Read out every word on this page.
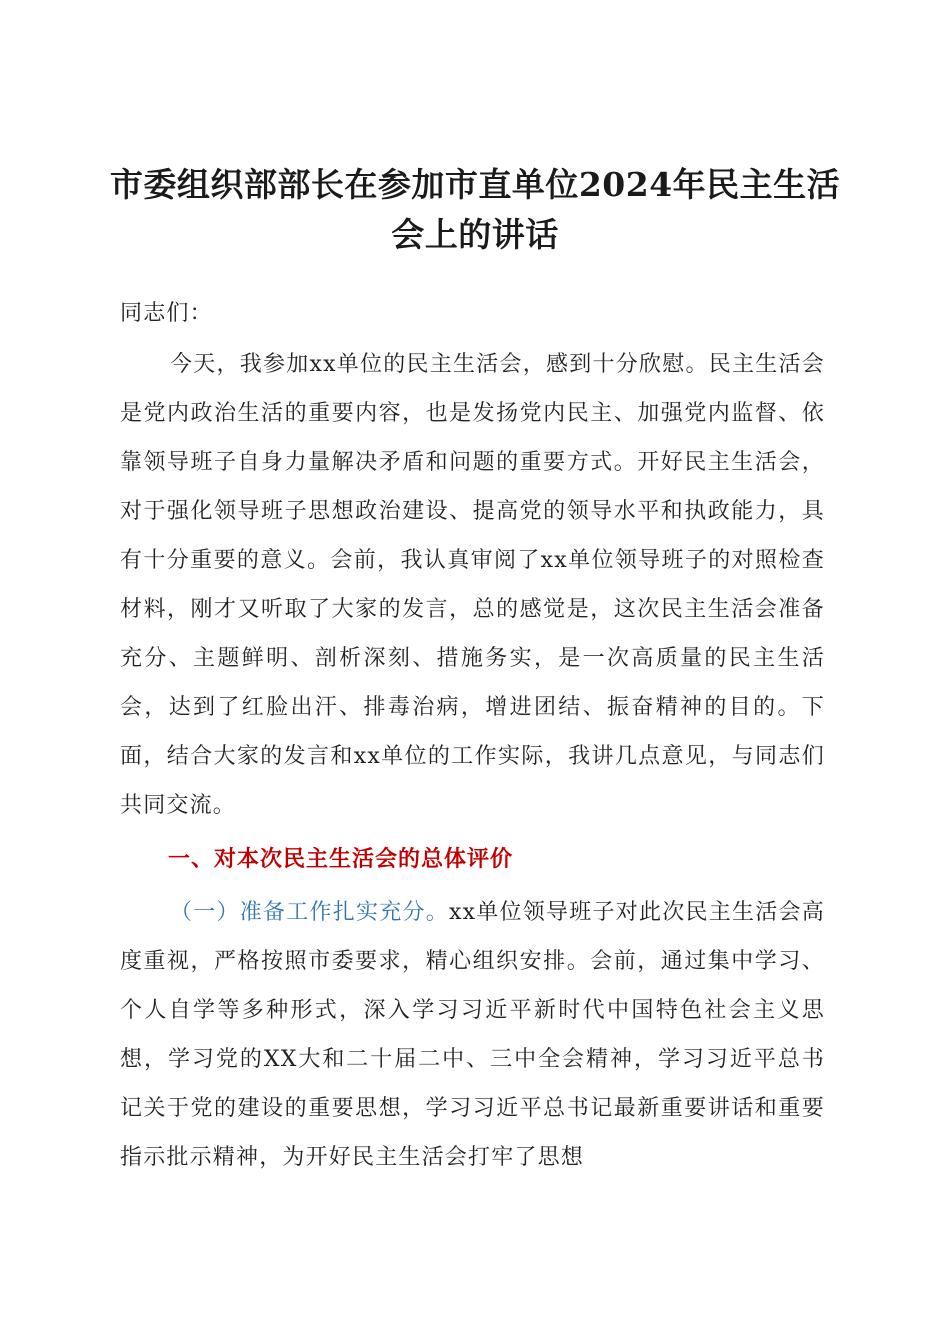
市委组织部部长在参加市直单位2024年民主生活会上的讲话
同志们：

今天，我参加xx单位的民主生活会，感到十分欣慰。民主生活会是党内政治生活的重要内容，也是发扬党内民主、加强党内监督、依靠领导班子自身力量解决矛盾和问题的重要方式。开好民主生活会，对于强化领导班子思想政治建设、提高党的领导水平和执政能力，具有十分重要的意义。会前，我认真审阅了xx单位领导班子的对照检查材料，刚才又听取了大家的发言，总的感觉是，这次民主生活会准备充分、主题鲜明、剖析深刻、措施务实，是一次高质量的民主生活会，达到了红脸出汗、排毒治病，增进团结、振奋精神的目的。下面，结合大家的发言和xx单位的工作实际，我讲几点意见，与同志们共同交流。

一、对本次民主生活会的总体评价

（一）准备工作扎实充分。xx单位领导班子对此次民主生活会高度重视，严格按照市委要求，精心组织安排。会前，通过集中学习、个人自学等多种形式，深入学习习近平新时代中国特色社会主义思想，学习党的XX大和二十届二中、三中全会精神，学习习近平总书记关于党的建设的重要思想，学习习近平总书记最新重要讲话和重要指示批示精神，为开好民主生活会打牢了思想
